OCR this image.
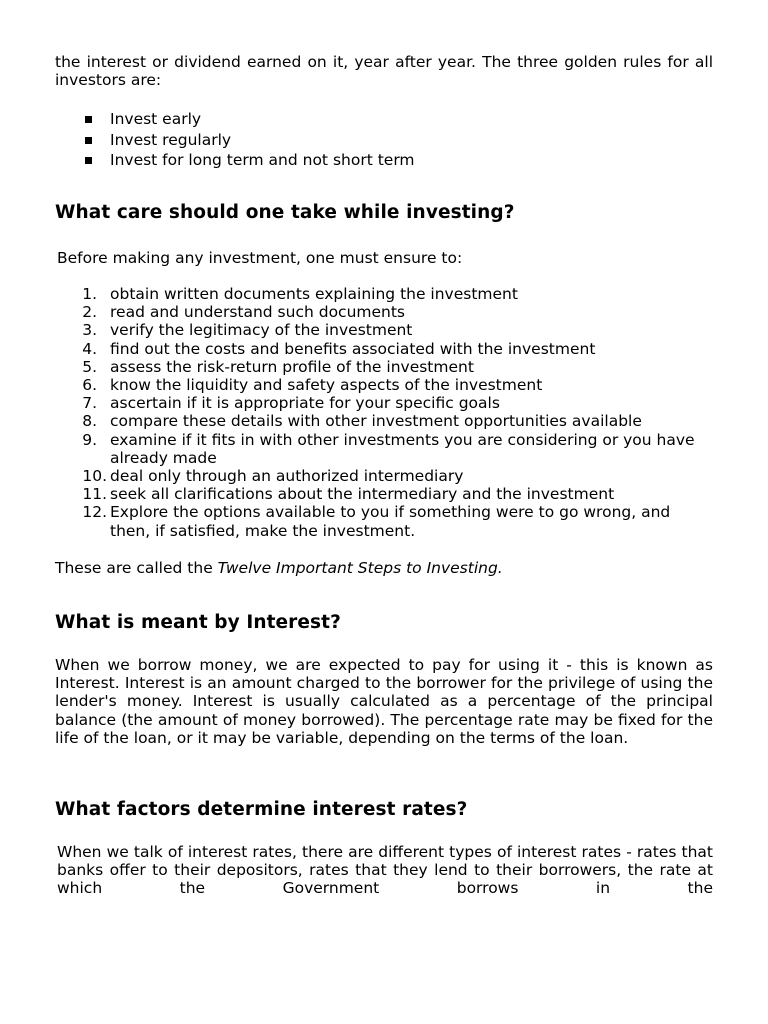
the interest or dividend earned on it, year after year. The three golden rules for all investors are:

Invest early
Invest regularly
Invest for long term and not short term
What care should one take while investing?

Before making any investment, one must ensure to:

1. obtain written documents explaining the investment
2. read and understand such documents
3. verify the legitimacy of the investment
4. find out the costs and benefits associated with the investment
5. assess the risk-return profile of the investment
6. know the liquidity and safety aspects of the investment
7. ascertain if it is appropriate for your specific goals
8. compare these details with other investment opportunities available
9. examine if it fits in with other investments you are considering or you have already made
10. deal only through an authorized intermediary
11. seek all clarifications about the intermediary and the investment
12. Explore the options available to you if something were to go wrong, and then, if satisfied, make the investment.

These are called the Twelve Important Steps to Investing.

What is meant by Interest?

When we borrow money, we are expected to pay for using it - this is known as Interest. Interest is an amount charged to the borrower for the privilege of using the lender's money. Interest is usually calculated as a percentage of the principal balance (the amount of money borrowed). The percentage rate may be fixed for the life of the loan, or it may be variable, depending on the terms of the loan.

What factors determine interest rates?

When we talk of interest rates, there are different types of interest rates - rates that banks offer to their depositors, rates that they lend to their borrowers, the rate at which the Government borrows in the
